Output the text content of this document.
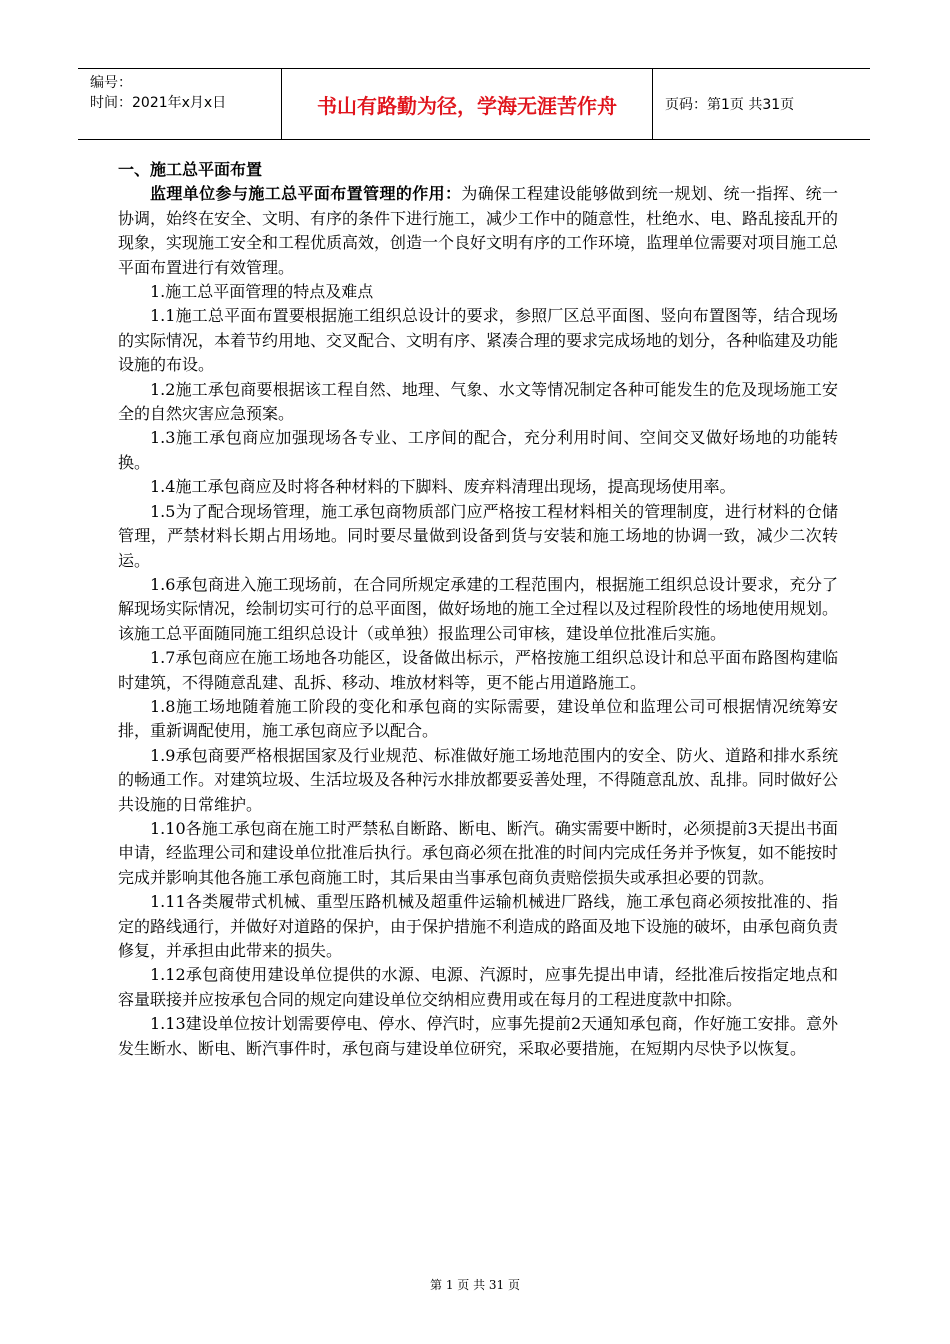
编号：
时间：2021年x月x日	书山有路勤为径，学海无涯苦作舟	页码：第1页 共31页
一、施工总平面布置

监理单位参与施工总平面布置管理的作用：为确保工程建设能够做到统一规划、统一指挥、统一协调，始终在安全、文明、有序的条件下进行施工，减少工作中的随意性，杜绝水、电、路乱接乱开的现象，实现施工安全和工程优质高效，创造一个良好文明有序的工作环境，监理单位需要对项目施工总平面布置进行有效管理。

1.施工总平面管理的特点及难点

1.1施工总平面布置要根据施工组织总设计的要求，参照厂区总平面图、竖向布置图等，结合现场的实际情况，本着节约用地、交叉配合、文明有序、紧凑合理的要求完成场地的划分，各种临建及功能设施的布设。

1.2施工承包商要根据该工程自然、地理、气象、水文等情况制定各种可能发生的危及现场施工安全的自然灾害应急预案。

1.3施工承包商应加强现场各专业、工序间的配合，充分利用时间、空间交叉做好场地的功能转换。

1.4施工承包商应及时将各种材料的下脚料、废弃料清理出现场，提高现场使用率。

1.5为了配合现场管理，施工承包商物质部门应严格按工程材料相关的管理制度，进行材料的仓储管理，严禁材料长期占用场地。同时要尽量做到设备到货与安装和施工场地的协调一致，减少二次转运。

1.6承包商进入施工现场前，在合同所规定承建的工程范围内，根据施工组织总设计要求，充分了解现场实际情况，绘制切实可行的总平面图，做好场地的施工全过程以及过程阶段性的场地使用规划。该施工总平面随同施工组织总设计（或单独）报监理公司审核，建设单位批准后实施。

1.7承包商应在施工场地各功能区，设备做出标示，严格按施工组织总设计和总平面布路图构建临时建筑，不得随意乱建、乱拆、移动、堆放材料等，更不能占用道路施工。

1.8施工场地随着施工阶段的变化和承包商的实际需要，建设单位和监理公司可根据情况统筹安排，重新调配使用，施工承包商应予以配合。

1.9承包商要严格根据国家及行业规范、标准做好施工场地范围内的安全、防火、道路和排水系统的畅通工作。对建筑垃圾、生活垃圾及各种污水排放都要妥善处理，不得随意乱放、乱排。同时做好公共设施的日常维护。

1.10各施工承包商在施工时严禁私自断路、断电、断汽。确实需要中断时，必须提前3天提出书面申请，经监理公司和建设单位批准后执行。承包商必须在批准的时间内完成任务并予恢复，如不能按时完成并影响其他各施工承包商施工时，其后果由当事承包商负责赔偿损失或承担必要的罚款。

1.11各类履带式机械、重型压路机械及超重件运输机械进厂路线，施工承包商必须按批准的、指定的路线通行，并做好对道路的保护，由于保护措施不利造成的路面及地下设施的破坏，由承包商负责修复，并承担由此带来的损失。

1.12承包商使用建设单位提供的水源、电源、汽源时，应事先提出申请，经批准后按指定地点和容量联接并应按承包合同的规定向建设单位交纳相应费用或在每月的工程进度款中扣除。

1.13建设单位按计划需要停电、停水、停汽时，应事先提前2天通知承包商，作好施工安排。意外发生断水、断电、断汽事件时，承包商与建设单位研究，采取必要措施，在短期内尽快予以恢复。

第 1 页 共 31 页
